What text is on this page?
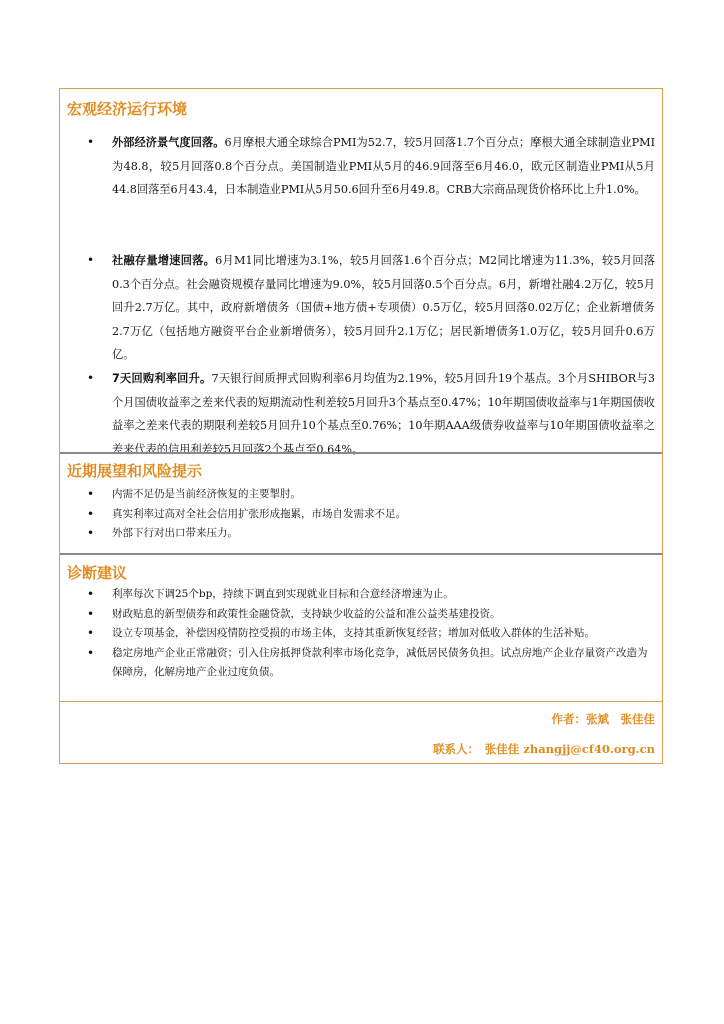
宏观经济运行环境
• 外部经济景气度回落。6月摩根大通全球综合PMI为52.7，较5月回落1.7个百分点；摩根大通全球制造业PMI为48.8，较5月回落0.8个百分点。美国制造业PMI从5月的46.9回落至6月46.0，欧元区制造业PMI从5月44.8回落至6月43.4，日本制造业PMI从5月50.6回升至6月49.8。CRB大宗商品现货价格环比上升1.0%。
• 社融存量增速回落。6月M1同比增速为3.1%，较5月回落1.6个百分点；M2同比增速为11.3%，较5月回落0.3个百分点。社会融资规模存量同比增速为9.0%，较5月回落0.5个百分点。6月，新增社融4.2万亿，较5月回升2.7万亿。其中，政府新增债务（国债+地方债+专项债）0.5万亿，较5月回落0.02万亿；企业新增债务2.7万亿（包括地方融资平台企业新增债务），较5月回升2.1万亿；居民新增债务1.0万亿，较5月回升0.6万亿。
• 7天回购利率回升。7天银行间质押式回购利率6月均值为2.19%，较5月回升19个基点。3个月SHIBOR与3个月国债收益率之差来代表的短期流动性利差较5月回升3个基点至0.47%；10年期国债收益率与1年期国债收益率之差来代表的期限利差较5月回升10个基点至0.76%；10年期AAA级债券收益率与10年期国债收益率之差来代表的信用利差较5月回落2个基点至0.64%。
近期展望和风险提示
• 内需不足仍是当前经济恢复的主要掣肘。
• 真实利率过高对全社会信用扩张形成拖累，市场自发需求不足。
• 外部下行对出口带来压力。
诊断建议
• 利率每次下调25个bp，持续下调直到实现就业目标和合意经济增速为止。
• 财政贴息的新型债券和政策性金融贷款，支持缺少收益的公益和准公益类基建投资。
• 设立专项基金，补偿因疫情防控受损的市场主体，支持其重新恢复经营；增加对低收入群体的生活补贴。
• 稳定房地产企业正常融资；引入住房抵押贷款利率市场化竞争，减低居民债务负担。试点房地产企业存量资产改造为保障房，化解房地产企业过度负债。
作者：张斌　张佳佳
联系人：　张佳佳 zhangjj@cf40.org.cn
